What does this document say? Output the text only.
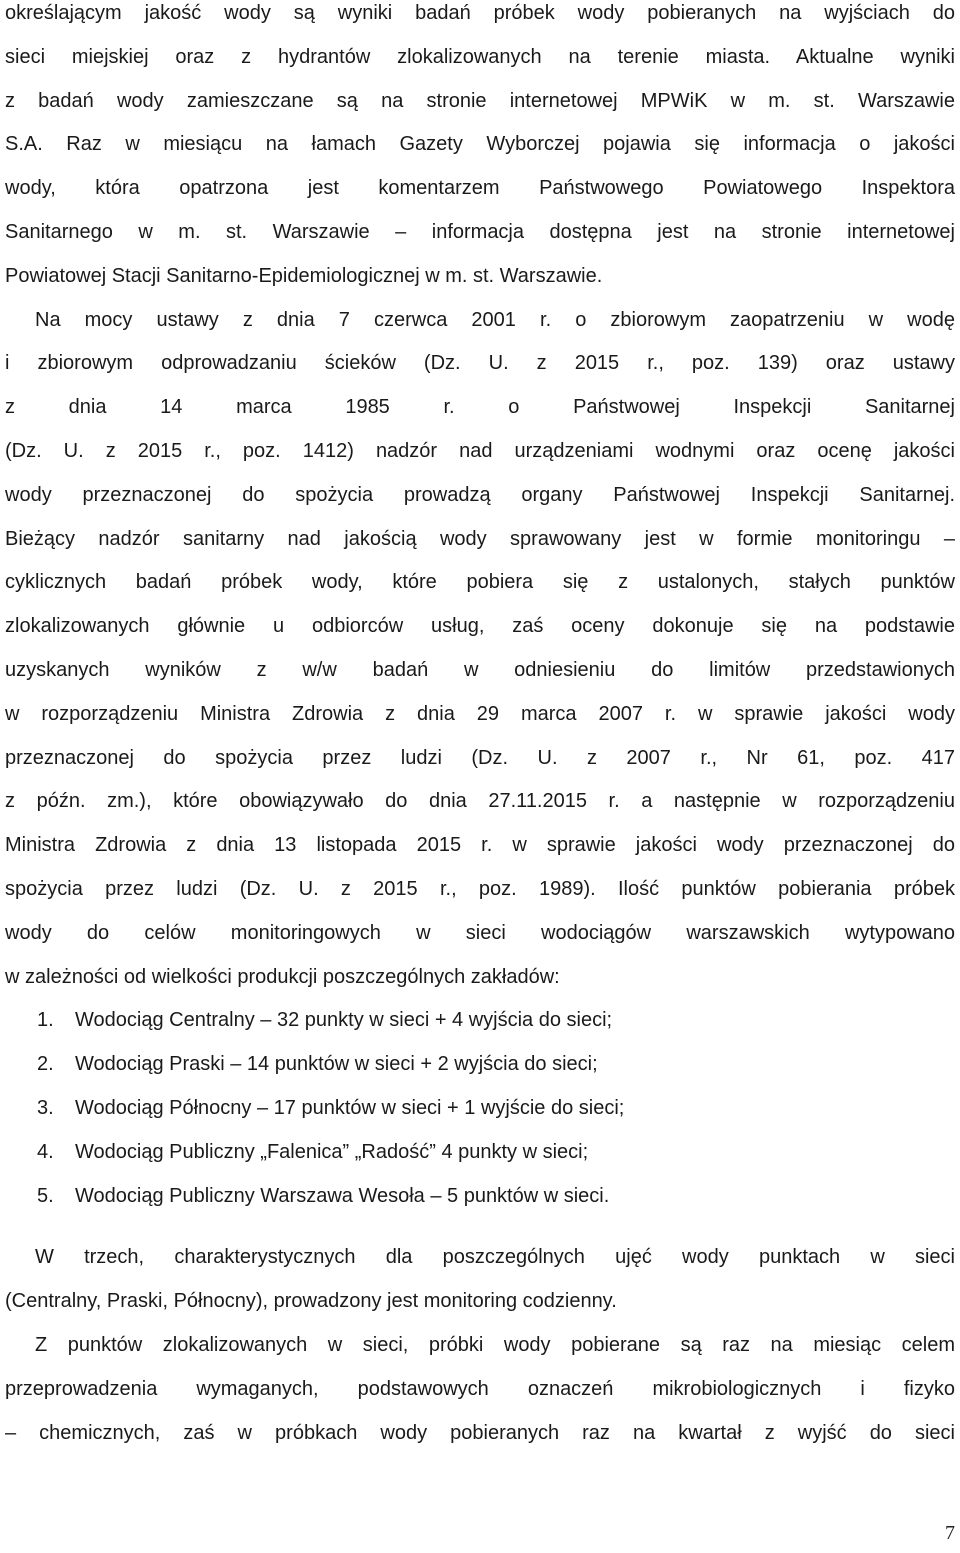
określającym jakość wody są wyniki badań próbek wody pobieranych na wyjściach do
sieci miejskiej oraz z hydrantów zlokalizowanych na terenie miasta. Aktualne wyniki
z badań wody zamieszczane są na stronie internetowej MPWiK w m. st. Warszawie
S.A. Raz w miesiącu na łamach Gazety Wyborczej pojawia się informacja o jakości
wody, która opatrzona jest komentarzem Państwowego Powiatowego Inspektora
Sanitarnego w m. st. Warszawie – informacja dostępna jest na stronie internetowej
Powiatowej Stacji Sanitarno-Epidemiologicznej w m. st. Warszawie.
Na mocy ustawy z dnia 7 czerwca 2001 r. o zbiorowym zaopatrzeniu w wodę
i zbiorowym odprowadzaniu ścieków (Dz. U. z 2015 r., poz. 139) oraz ustawy
z dnia 14 marca 1985 r. o Państwowej Inspekcji Sanitarnej
(Dz. U. z 2015 r., poz. 1412) nadzór nad urządzeniami wodnymi oraz ocenę jakości
wody przeznaczonej do spożycia prowadzą organy Państwowej Inspekcji Sanitarnej.
Bieżący nadzór sanitarny nad jakością wody sprawowany jest w formie monitoringu –
cyklicznych badań próbek wody, które pobiera się z ustalonych, stałych punktów
zlokalizowanych głównie u odbiorców usług, zaś oceny dokonuje się na podstawie
uzyskanych wyników z w/w badań w odniesieniu do limitów przedstawionych
w rozporządzeniu Ministra Zdrowia z dnia 29 marca 2007 r. w sprawie jakości wody
przeznaczonej do spożycia przez ludzi (Dz. U. z 2007 r., Nr 61, poz. 417
z późn. zm.), które obowiązywało do dnia 27.11.2015 r. a następnie w rozporządzeniu
Ministra Zdrowia z dnia 13 listopada 2015 r. w sprawie jakości wody przeznaczonej do
spożycia przez ludzi (Dz. U. z 2015 r., poz. 1989). Ilość punktów pobierania próbek
wody do celów monitoringowych w sieci wodociągów warszawskich wytypowano
w zależności od wielkości produkcji poszczególnych zakładów:
1.	Wodociąg Centralny – 32 punkty w sieci + 4 wyjścia do sieci;
2.	Wodociąg Praski – 14 punktów w sieci + 2 wyjścia do sieci;
3.	Wodociąg Północny – 17 punktów w sieci + 1 wyjście do sieci;
4.	Wodociąg Publiczny „Falenica” „Radość” 4 punkty w sieci;
5.	Wodociąg Publiczny Warszawa Wesoła – 5 punktów w sieci.
W trzech, charakterystycznych dla poszczególnych ujęć wody punktach w sieci
(Centralny, Praski, Północny), prowadzony jest monitoring codzienny.
Z punktów zlokalizowanych w sieci, próbki wody pobierane są raz na miesiąc celem
przeprowadzenia wymaganych, podstawowych oznaczeń mikrobiologicznych i fizyko
– chemicznych, zaś w próbkach wody pobieranych raz na kwartał z wyjść do sieci
7
